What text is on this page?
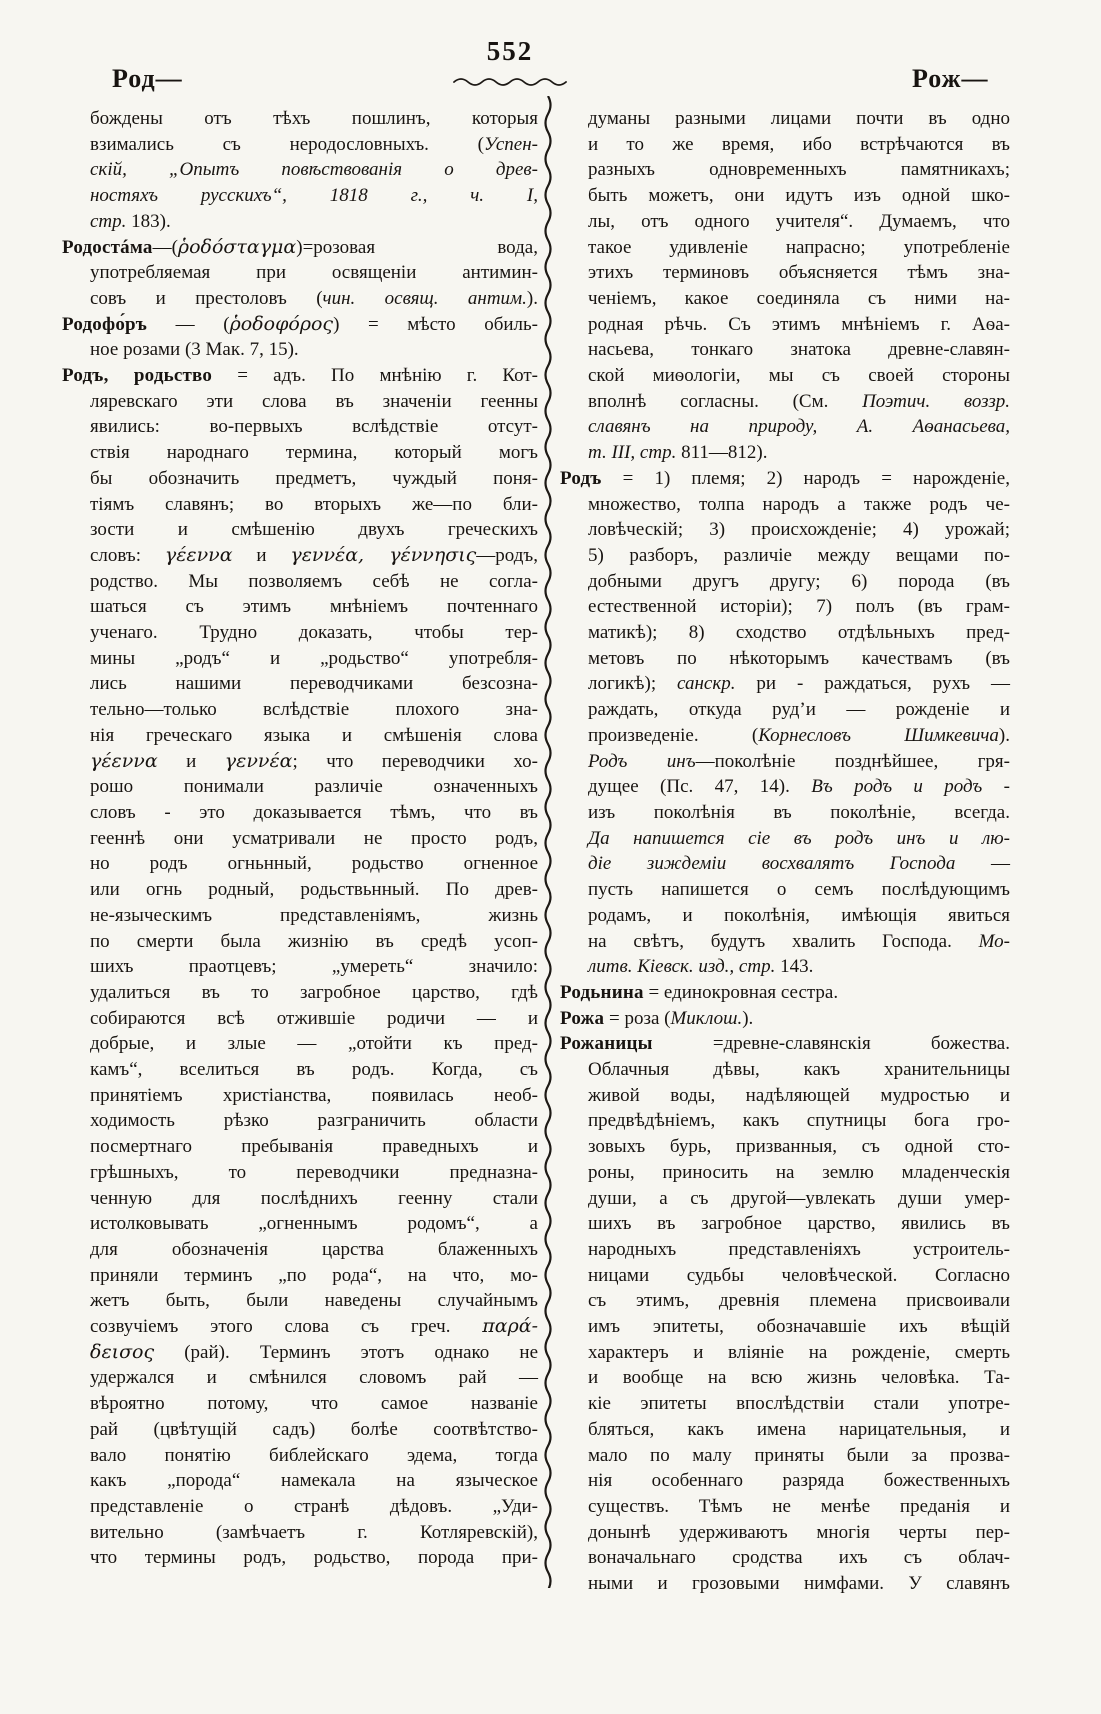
Род—
552
Рож—
бождены отъ тѣхъ пошлинъ, которыя
взимались съ неродословныхъ. (Успен-
скій, „Опытъ повѣствованія о древ-
ностяхъ русскихъ“, 1818 г., ч. I,
стр. 183).
Родостáма—(ῥοδόσταγμα)=розовая вода,
употребляемая при освященіи антимин-
совъ и престоловъ (чин. освящ. антим.).
Родофо́ръ — (ῥοδοφόρος) = мѣсто обиль-
ное розами (3 Мак. 7, 15).
Родъ, родьство = адъ. По мнѣнію г. Кот-
ляревскаго эти слова въ значеніи геенны
явились: во-первыхъ вслѣдствіе отсут-
ствія народнаго термина, который могъ
бы обозначить предметъ, чуждый поня-
тіямъ славянъ; во вторыхъ же—по бли-
зости и смѣшенію двухъ греческихъ
словъ: γέεννα и γεννέα, γέννησις—родъ,
родство. Мы позволяемъ себѣ не согла-
шаться съ этимъ мнѣніемъ почтеннаго
ученаго. Трудно доказать, чтобы тер-
мины „родъ“ и „родьство“ употребля-
лись нашими переводчиками безсозна-
тельно—только вслѣдствіе плохого зна-
нія греческаго языка и смѣшенія слова
γέεννα и γεννέα; что переводчики хо-
рошо понимали различіе означенныхъ
словъ - это доказывается тѣмъ, что въ
гееннѣ они усматривали не просто родъ,
но родъ огньнный, родьство огненное
или огнь родный, родьствьнный. По древ-
не-языческимъ представленіямъ, жизнь
по смерти была жизнію въ средѣ усоп-
шихъ праотцевъ; „умереть“ значило:
удалиться въ то загробное царство, гдѣ
собираются всѣ отжившіе родичи — и
добрые, и злые — „отойти къ пред-
камъ“, вселиться въ родъ. Когда, съ
принятіемъ христіанства, появилась необ-
ходимость рѣзко разграничить области
посмертнаго пребыванія праведныхъ и
грѣшныхъ, то переводчики предназна-
ченную для послѣднихъ геенну стали
истолковывать „огненнымъ родомъ“, а
для обозначенія царства блаженныхъ
приняли терминъ „по рода“, на что, мо-
жетъ быть, были наведены случайнымъ
созвучіемъ этого слова съ греч. παρά-
δεισος (рай). Терминъ этотъ однако не
удержался и смѣнился словомъ рай —
вѣроятно потому, что самое названіе
рай (цвѣтущій садъ) болѣе соотвѣтство-
вало понятію библейскаго эдема, тогда
какъ „порода“ намекала на языческое
представленіе о странѣ дѣдовъ. „Уди-
вительно (замѣчаетъ г. Котляревскій),
что термины родъ, родьство, порода при-
думаны разными лицами почти въ одно
и то же время, ибо встрѣчаются въ
разныхъ одновременныхъ памятникахъ;
быть можетъ, они идутъ изъ одной шко-
лы, отъ одного учителя“. Думаемъ, что
такое удивленіе напрасно; употребленіе
этихъ терминовъ объясняется тѣмъ зна-
ченіемъ, какое соединяла съ ними на-
родная рѣчь. Съ этимъ мнѣніемъ г. Аѳа-
насьева, тонкаго знатока древне-славян-
ской миѳологіи, мы съ своей стороны
вполнѣ согласны. (См. Поэтич. воззр.
славянъ на природу, А. Аѳанасьева,
т. III, стр. 811—812).
Родъ = 1) племя; 2) народъ = нарожденіе,
множество, толпа народъ а также родъ че-
ловѣческій; 3) происхожденіе; 4) урожай;
5) разборъ, различіе между вещами по-
добными другъ другу; 6) порода (въ
естественной исторіи); 7) полъ (въ грам-
матикѣ); 8) сходство отдѣльныхъ пред-
метовъ по нѣкоторымъ качествамъ (въ
логикѣ); санскр. ри - раждаться, рухъ —
раждать, откуда руд’и — рожденіе и
произведеніе. (Корнесловъ Шимкевича).
Родъ инъ—поколѣніе позднѣйшее, гря-
дущее (Пс. 47, 14). Въ родъ и родъ -
изъ поколѣнія въ поколѣніе, всегда.
Да напишется сіе въ родъ инъ и лю-
діе зиждеміи восхвалятъ Господа —
пусть напишется о семъ послѣдующимъ
родамъ, и поколѣнія, имѣющія явиться
на свѣтъ, будутъ хвалить Господа. Мо-
литв. Кіевск. изд., стр. 143.
Родьнина = единокровная сестра.
Рожа = роза (Миклош.).
Рожаницы =древне-славянскія божества.
Облачныя дѣвы, какъ хранительницы
живой воды, надѣляющей мудростью и
предвѣдѣніемъ, какъ спутницы бога гро-
зовыхъ бурь, призванныя, съ одной сто-
роны, приносить на землю младенческія
души, а съ другой—увлекать души умер-
шихъ въ загробное царство, явились въ
народныхъ представленіяхъ устроитель-
ницами судьбы человѣческой. Согласно
съ этимъ, древнія племена присвоивали
имъ эпитеты, обозначавшіе ихъ вѣщій
характеръ и вліяніе на рожденіе, смерть
и вообще на всю жизнь человѣка. Та-
кіе эпитеты впослѣдствіи стали употре-
бляться, какъ имена нарицательныя, и
мало по малу приняты были за прозва-
нія особеннаго разряда божественныхъ
существъ. Тѣмъ не менѣе преданія и
донынѣ удерживаютъ многія черты пер-
воначальнаго сродства ихъ съ облач-
ными и грозовыми нимфами. У славянъ
